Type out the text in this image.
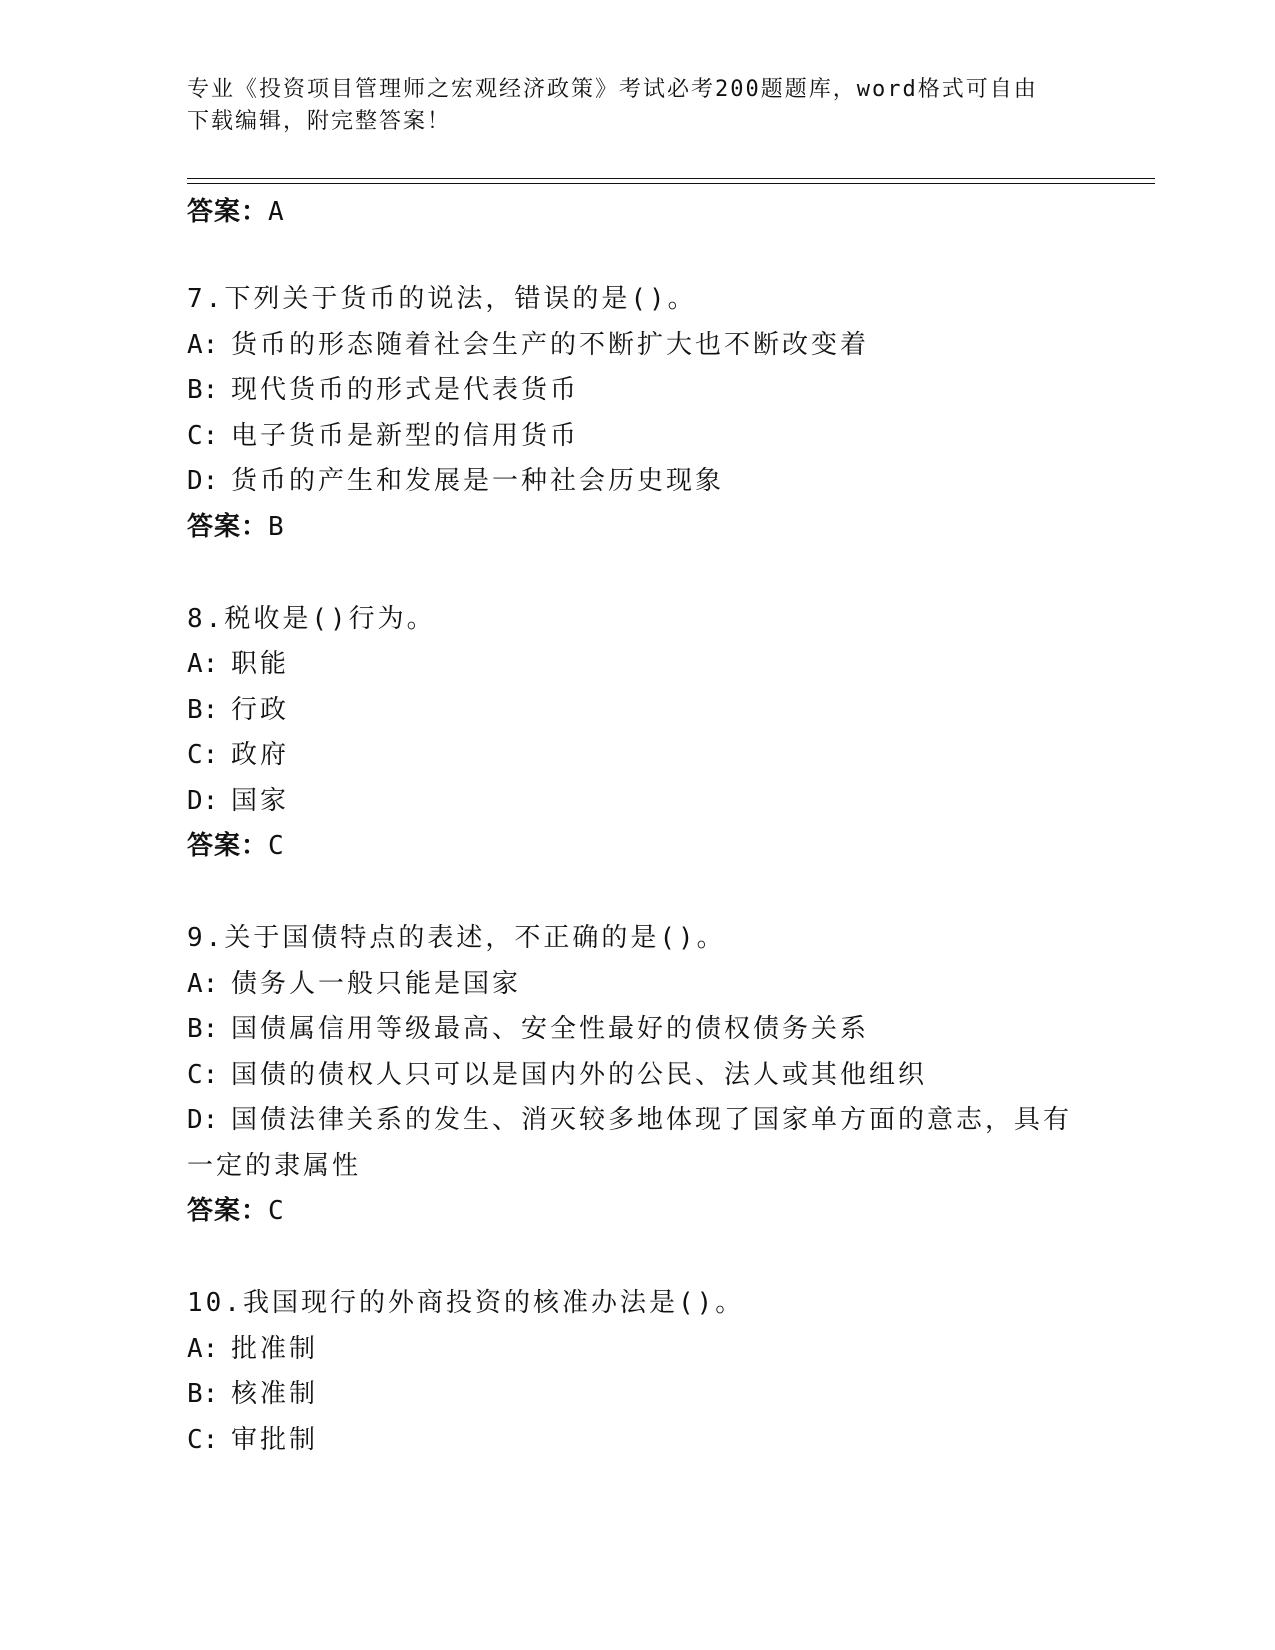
专业《投资项目管理师之宏观经济政策》考试必考200题题库，word格式可自由
下载编辑，附完整答案！
答案：A
7.下列关于货币的说法，错误的是()。
A: 货币的形态随着社会生产的不断扩大也不断改变着
B: 现代货币的形式是代表货币
C: 电子货币是新型的信用货币
D: 货币的产生和发展是一种社会历史现象
答案：B
8.税收是()行为。
A: 职能
B: 行政
C: 政府
D: 国家
答案：C
9.关于国债特点的表述，不正确的是()。
A: 债务人一般只能是国家
B: 国债属信用等级最高、安全性最好的债权债务关系
C: 国债的债权人只可以是国内外的公民、法人或其他组织
D: 国债法律关系的发生、消灭较多地体现了国家单方面的意志，具有
一定的隶属性
答案：C
10.我国现行的外商投资的核准办法是()。
A: 批准制
B: 核准制
C: 审批制
